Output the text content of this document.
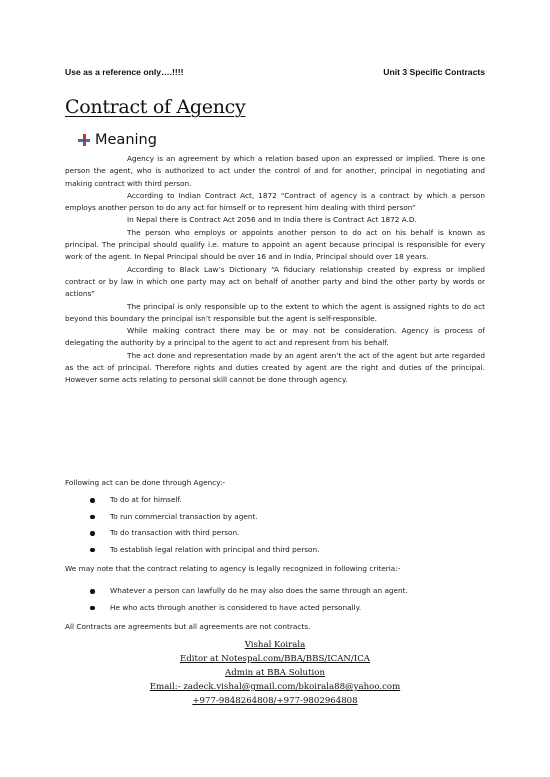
Use as a reference only….!!!!	Unit 3 Specific Contracts
Contract of Agency
Meaning

Agency is an agreement by which a relation based upon an expressed or implied. There is one person the agent, who is authorized to act under the control of and for another, principal in negotiating and making contract with third person.

According to Indian Contract Act, 1872 “Contract of agency is a contract by which a person employs another person to do any act for himself or to represent him dealing with third person”

In Nepal there is Contract Act 2056 and In India there is Contract Act 1872 A.D.

The person who employs or appoints another person to do act on his behalf is known as principal. The principal should qualify i.e. mature to appoint an agent because principal is responsible for every work of the agent. In Nepal Principal should be over 16 and in India, Principal should over 18 years.

According to Black Law’s Dictionary “A fiduciary relationship created by express or implied contract or by law in which one party may act on behalf of another party and bind the other party by words or actions”

The principal is only responsible up to the extent to which the agent is assigned rights to do act beyond this boundary the principal isn’t responsible but the agent is self-responsible.

While making contract there may be or may not be consideration. Agency is process of delegating the authority by a principal to the agent to act and represent from his behalf.

The act done and representation made by an agent aren’t the act of the agent but arte regarded as the act of principal. Therefore rights and duties created by agent are the right and duties of the principal. However some acts relating to personal skill cannot be done through agency.

Following act can be done through Agency:-

To do at for himself.
To run commercial transaction by agent.
To do transaction with third person.
To establish legal relation with principal and third person.

We may note that the contract relating to agency is legally recognized in following criteria:-

Whatever a person can lawfully do he may also does the same through an agent.
He who acts through another is considered to have acted personally.

All Contracts are agreements but all agreements are not contracts.

Vishal Koirala
Editor at Notespal.com/BBA/BBS/ICAN/ICA
Admin at BBA Solution
Email:- zadeck.vishal@gmail.com/bkoirala88@yahoo.com
+977-9848264808/+977-9802964808
